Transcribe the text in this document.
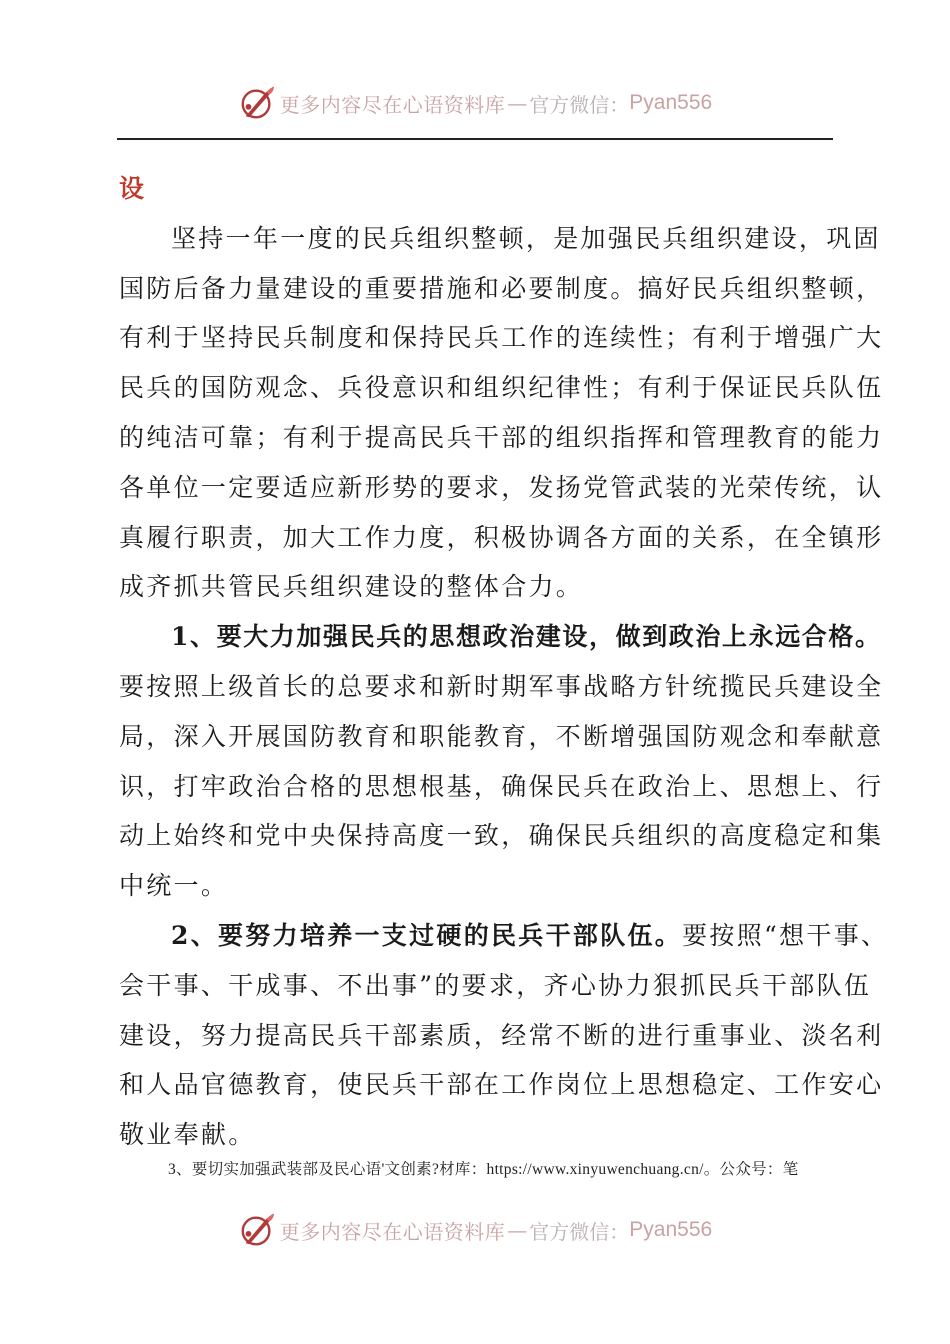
更多内容尽在心语资料库 — 官方微信： Pyan556
设
坚持一年一度的民兵组织整顿，是加强民兵组织建设，巩固
国防后备力量建设的重要措施和必要制度。搞好民兵组织整顿，
有利于坚持民兵制度和保持民兵工作的连续性；有利于增强广大
民兵的国防观念、兵役意识和组织纪律性；有利于保证民兵队伍
的纯洁可靠；有利于提高民兵干部的组织指挥和管理教育的能力
各单位一定要适应新形势的要求，发扬党管武装的光荣传统，认
真履行职责，加大工作力度，积极协调各方面的关系，在全镇形
成齐抓共管民兵组织建设的整体合力。
1、要大力加强民兵的思想政治建设，做到政治上永远合格。
要按照上级首长的总要求和新时期军事战略方针统揽民兵建设全
局，深入开展国防教育和职能教育，不断增强国防观念和奉献意
识，打牢政治合格的思想根基，确保民兵在政治上、思想上、行
动上始终和党中央保持高度一致，确保民兵组织的高度稳定和集
中统一。
2、要努力培养一支过硬的民兵干部队伍。要按照“想干事、
会干事、干成事、不出事”的要求，齐心协力狠抓民兵干部队伍
建设，努力提高民兵干部素质，经常不断的进行重事业、淡名利
和人品官德教育，使民兵干部在工作岗位上思想稳定、工作安心
敬业奉献。
3、要切实加强武装部及民心语'文创素?材库：https://www.xinyuwenchuang.cn/。公众号：笔
更多内容尽在心语资料库 — 官方微信： Pyan556
